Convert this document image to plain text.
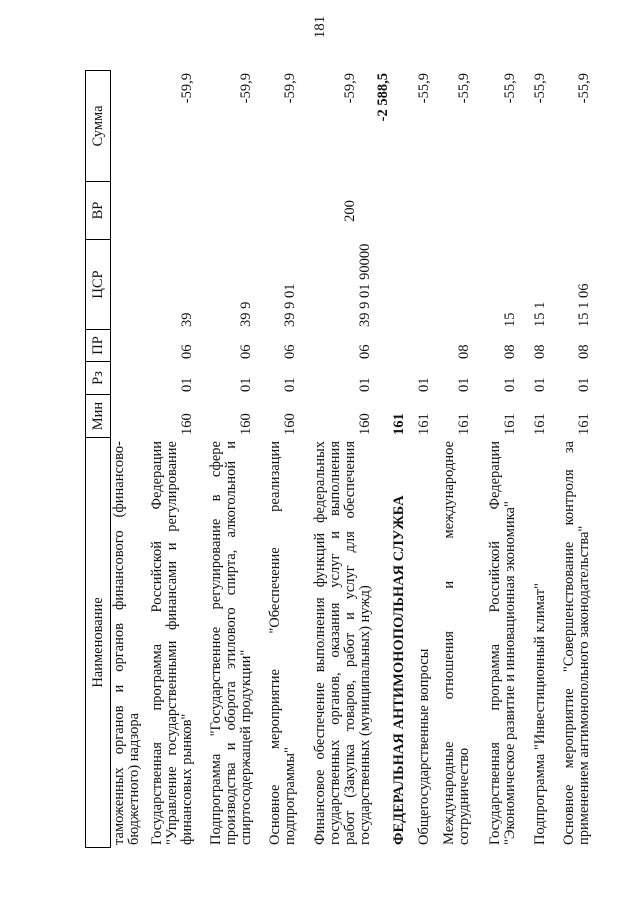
181
Наименование
Мин
Рз
ПР
ЦСР
ВР
Сумма
таможенных органов и органов финансового (финансово- бюджетного) надзора Государственная программа Российской Федерации "Управление государственными финансами и регулирование финансовых рынков"
160
01
06
39
-59,9
Подпрограмма "Государственное регулирование в сфере производства и оборота этилового спирта, алкогольной и спиртосодержащей продукции"
160
01
06
39 9
-59,9
Основное мероприятие "Обеспечение реализации подпрограммы"
160
01
06
39 9 01
-59,9
Финансовое обеспечение выполнения функций федеральных государственных органов, оказания услуг и выполнения работ (Закупка товаров, работ и услуг для обеспечения государственных (муниципальных) нужд)
160
01
06
39 9 01 90000
200
-59,9
ФЕДЕРАЛЬНАЯ АНТИМОНОПОЛЬНАЯ СЛУЖБА
161
-2 588,5
Общегосударственные вопросы
161
01
-55,9
Международные отношения и международное сотрудничество
161
01
08
-55,9
Государственная программа Российской Федерации "Экономическое развитие и инновационная экономика"
161
01
08
15
-55,9
Подпрограмма "Инвестиционный климат"
161
01
08
15 1
-55,9
Основное мероприятие "Совершенствование контроля за применением антимонопольного законодательства"
161
01
08
15 1 06
-55,9
